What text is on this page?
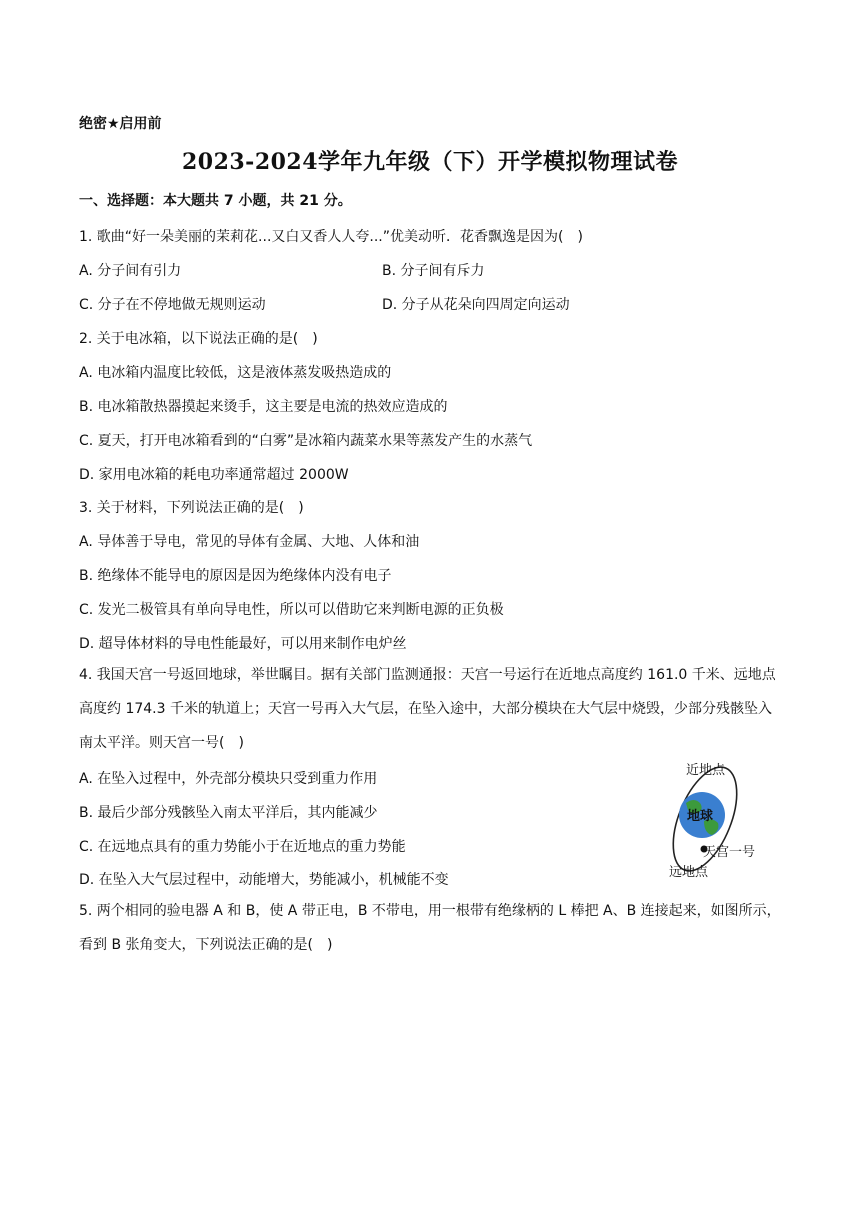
绝密★启用前
2023-2024学年九年级（下）开学模拟物理试卷
一、选择题：本大题共 7 小题，共 21 分。
1. 歌曲“好一朵美丽的茉莉花...又白又香人人夸...”优美动听．花香飘逸是因为(　)
A. 分子间有引力	B. 分子间有斥力
C. 分子在不停地做无规则运动	D. 分子从花朵向四周定向运动
2. 关于电冰箱，以下说法正确的是(　)
A. 电冰箱内温度比较低，这是液体蒸发吸热造成的
B. 电冰箱散热器摸起来烫手，这主要是电流的热效应造成的
C. 夏天，打开电冰箱看到的“白雾”是冰箱内蔬菜水果等蒸发产生的水蒸气
D. 家用电冰箱的耗电功率通常超过 2000W
3. 关于材料，下列说法正确的是(　)
A. 导体善于导电，常见的导体有金属、大地、人体和油
B. 绝缘体不能导电的原因是因为绝缘体内没有电子
C. 发光二极管具有单向导电性，所以可以借助它来判断电源的正负极
D. 超导体材料的导电性能最好，可以用来制作电炉丝
4. 我国天宫一号返回地球，举世瞩目。据有关部门监测通报：天宫一号运行在近地点高度约 161.0 千米、远地点高度约 174.3 千米的轨道上；天宫一号再入大气层，在坠入途中，大部分模块在大气层中烧毁，少部分残骸坠入南太平洋。则天宫一号(　)
A. 在坠入过程中，外壳部分模块只受到重力作用
B. 最后少部分残骸坠入南太平洋后，其内能减少
C. 在远地点具有的重力势能小于在近地点的重力势能
D. 在坠入大气层过程中，动能增大，势能减小，机械能不变
近地点
地球
天宫一号
远地点
5. 两个相同的验电器 A 和 B，使 A 带正电，B 不带电，用一根带有绝缘柄的 L 棒把 A、B 连接起来，如图所示，看到 B 张角变大，下列说法正确的是(　)
